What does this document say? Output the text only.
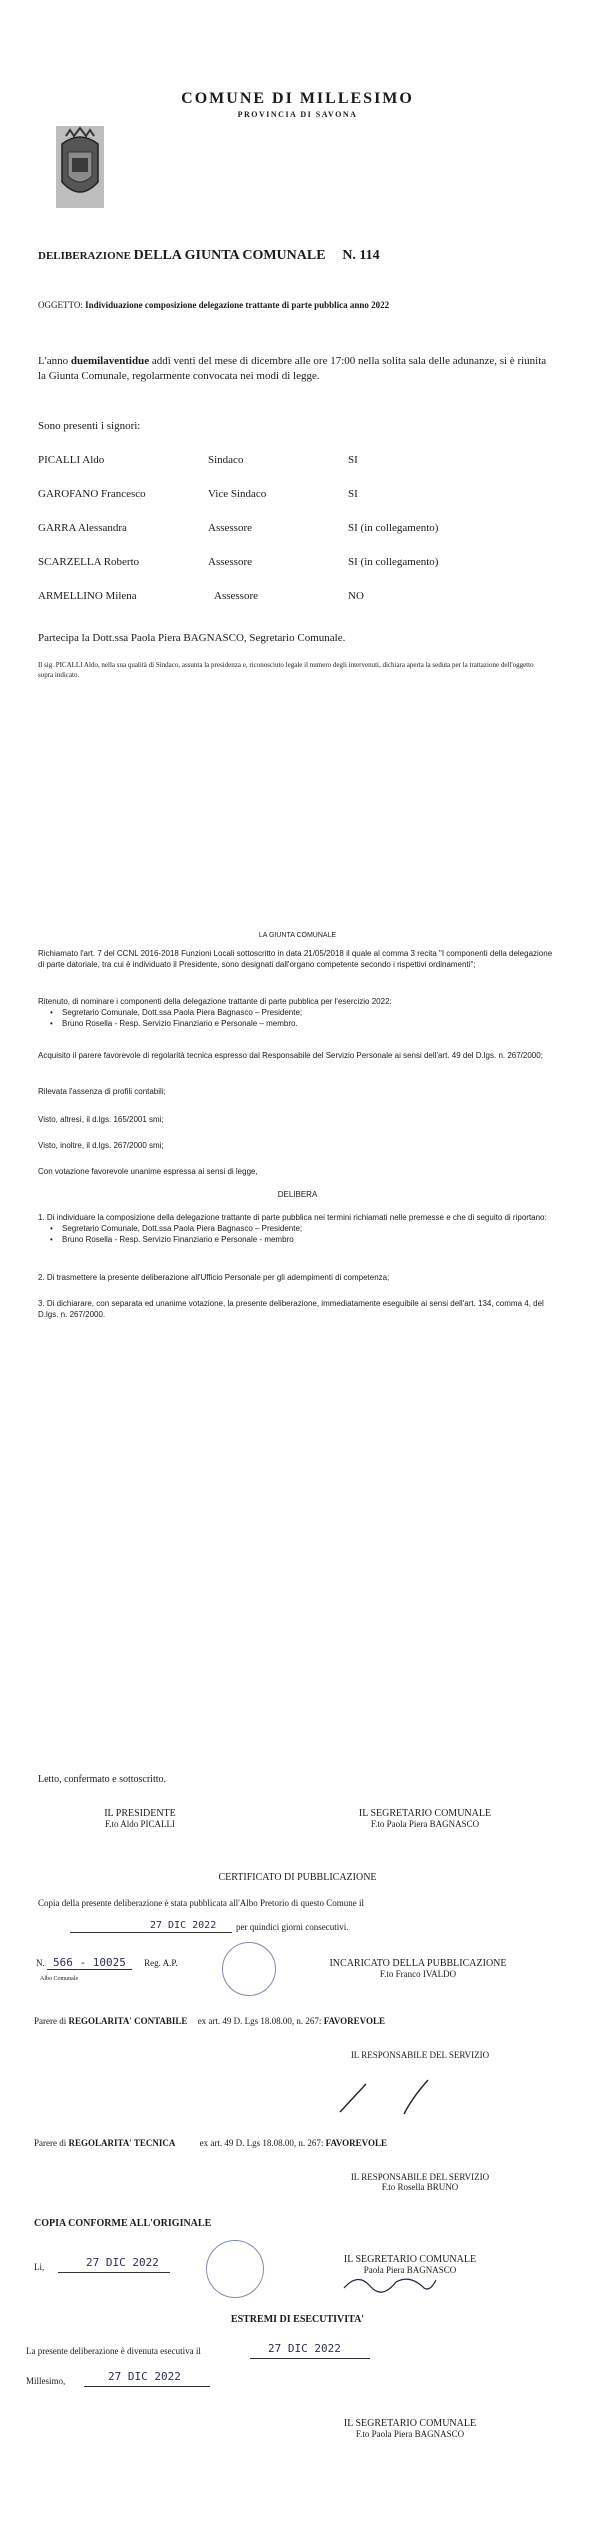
COMUNE DI MILLESIMO
PROVINCIA DI SAVONA
DELIBERAZIONE DELLA GIUNTA COMUNALE N. 114
OGGETTO: Individuazione composizione delegazione trattante di parte pubblica anno 2022
L'anno duemilaventidue addì venti del mese di dicembre alle ore 17:00 nella solita sala delle adunanze, si è riunita la Giunta Comunale, regolarmente convocata nei modi di legge.
Sono presenti i signori:
PICALLI Aldo	Sindaco	SI
GAROFANO Francesco	Vice Sindaco	SI
GARRA Alessandra	Assessore	SI (in collegamento)
SCARZELLA Roberto	Assessore	SI (in collegamento)
ARMELLINO Milena	Assessore	NO
Partecipa la Dott.ssa Paola Piera BAGNASCO, Segretario Comunale.
Il sig. PICALLI Aldo, nella sua qualità di Sindaco, assunta la presidenza e, riconosciuto legale il numero degli intervenuti, dichiara aperta la seduta per la trattazione dell'oggetto sopra indicato.
LA GIUNTA COMUNALE
Richiamato l'art. 7 del CCNL 2016-2018 Funzioni Locali sottoscritto in data 21/05/2018 il quale al comma 3 recita "I componenti della delegazione di parte datoriale, tra cui è individuato il Presidente, sono designati dall'organo competente secondo i rispettivi ordinamenti";
Ritenuto, di nominare i componenti della delegazione trattante di parte pubblica per l'esercizio 2022:
• Segretario Comunale, Dott.ssa Paola Piera Bagnasco – Presidente;
• Bruno Rosella - Resp. Servizio Finanziario e Personale – membro.
Acquisito il parere favorevole di regolarità tecnica espresso dal Responsabile del Servizio Personale ai sensi dell'art. 49 del D.lgs. n. 267/2000;
Rilevata l'assenza di profili contabili;
Visto, altresì, il d.lgs. 165/2001 smi;
Visto, inoltre, il d.lgs. 267/2000 smi;
Con votazione favorevole unanime espressa ai sensi di legge,
DELIBERA
1. Di individuare la composizione della delegazione trattante di parte pubblica nei termini richiamati nelle premesse e che di seguito di riportano:
• Segretario Comunale, Dott.ssa Paola Piera Bagnasco – Presidente;
• Bruno Rosella - Resp. Servizio Finanziario e Personale - membro
2. Di trasmettere la presente deliberazione all'Ufficio Personale per gli adempimenti di competenza;
3. Di dichiarare, con separata ed unanime votazione, la presente deliberazione, immediatamente eseguibile ai sensi dell'art. 134, comma 4, del D.lgs. n. 267/2000.
Letto, confermato e sottoscritto.
IL PRESIDENTE
F.to Aldo PICALLI
IL SEGRETARIO COMUNALE
F.to Paola Piera BAGNASCO
CERTIFICATO DI PUBBLICAZIONE
Copia della presente deliberazione è stata pubblicata all'Albo Pretorio di questo Comune il
27 DIC 2022 per quindici giorni consecutivi.
N. 566 - 10025 Reg. A.P.
Albo Comunale
INCARICATO DELLA PUBBLICAZIONE
F.to Franco IVALDO
Parere di REGOLARITA' CONTABILE ex art. 49 D. Lgs 18.08.00, n. 267: FAVOREVOLE
IL RESPONSABILE DEL SERVIZIO
Parere di REGOLARITA' TECNICA	ex art. 49 D. Lgs 18.08.00, n. 267: FAVOREVOLE
IL RESPONSABILE DEL SERVIZIO
F.to Rosella BRUNO
COPIA CONFORME ALL'ORIGINALE
Li,	27 DIC 2022	IL SEGRETARIO COMUNALE
Paola Piera BAGNASCO
ESTREMI DI ESECUTIVITA'
La presente deliberazione è divenuta esecutiva il	27 DIC 2022
Millesimo,	27 DIC 2022
IL SEGRETARIO COMUNALE
F.to Paola Piera BAGNASCO
